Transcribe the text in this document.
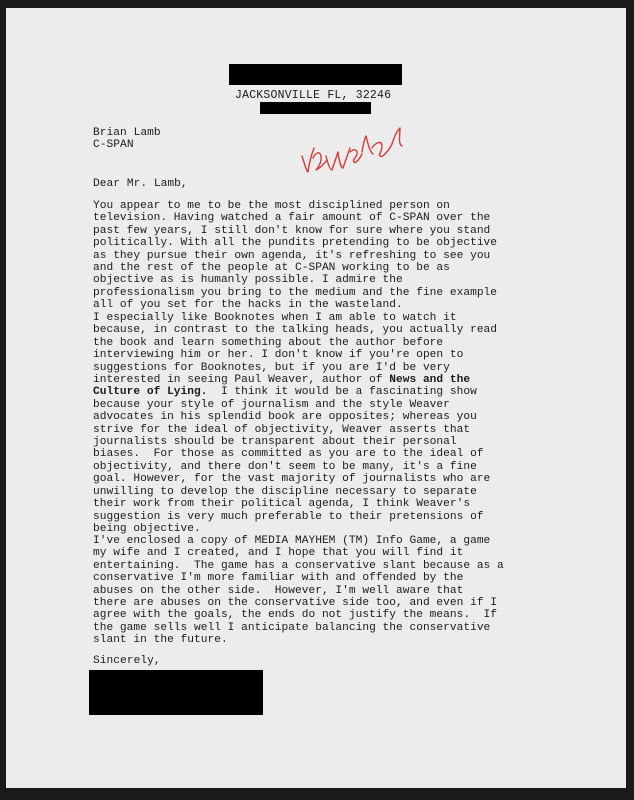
JACKSONVILLE FL, 32246
Brian Lamb
C-SPAN
Dear Mr. Lamb,
You appear to me to be the most disciplined person on
television. Having watched a fair amount of C-SPAN over the
past few years, I still don't know for sure where you stand
politically. With all the pundits pretending to be objective
as they pursue their own agenda, it's refreshing to see you
and the rest of the people at C-SPAN working to be as
objective as is humanly possible. I admire the
professionalism you bring to the medium and the fine example
all of you set for the hacks in the wasteland.
I especially like Booknotes when I am able to watch it
because, in contrast to the talking heads, you actually read
the book and learn something about the author before
interviewing him or her. I don't know if you're open to
suggestions for Booknotes, but if you are I'd be very
interested in seeing Paul Weaver, author of News and the
Culture of Lying.  I think it would be a fascinating show
because your style of journalism and the style Weaver
advocates in his splendid book are opposites; whereas you
strive for the ideal of objectivity, Weaver asserts that
journalists should be transparent about their personal
biases.  For those as committed as you are to the ideal of
objectivity, and there don't seem to be many, it's a fine
goal. However, for the vast majority of journalists who are
unwilling to develop the discipline necessary to separate
their work from their political agenda, I think Weaver's
suggestion is very much preferable to their pretensions of
being objective.
I've enclosed a copy of MEDIA MAYHEM (TM) Info Game, a game
my wife and I created, and I hope that you will find it
entertaining.  The game has a conservative slant because as a
conservative I'm more familiar with and offended by the
abuses on the other side.  However, I'm well aware that
there are abuses on the conservative side too, and even if I
agree with the goals, the ends do not justify the means.  If
the game sells well I anticipate balancing the conservative
slant in the future.
Sincerely,
